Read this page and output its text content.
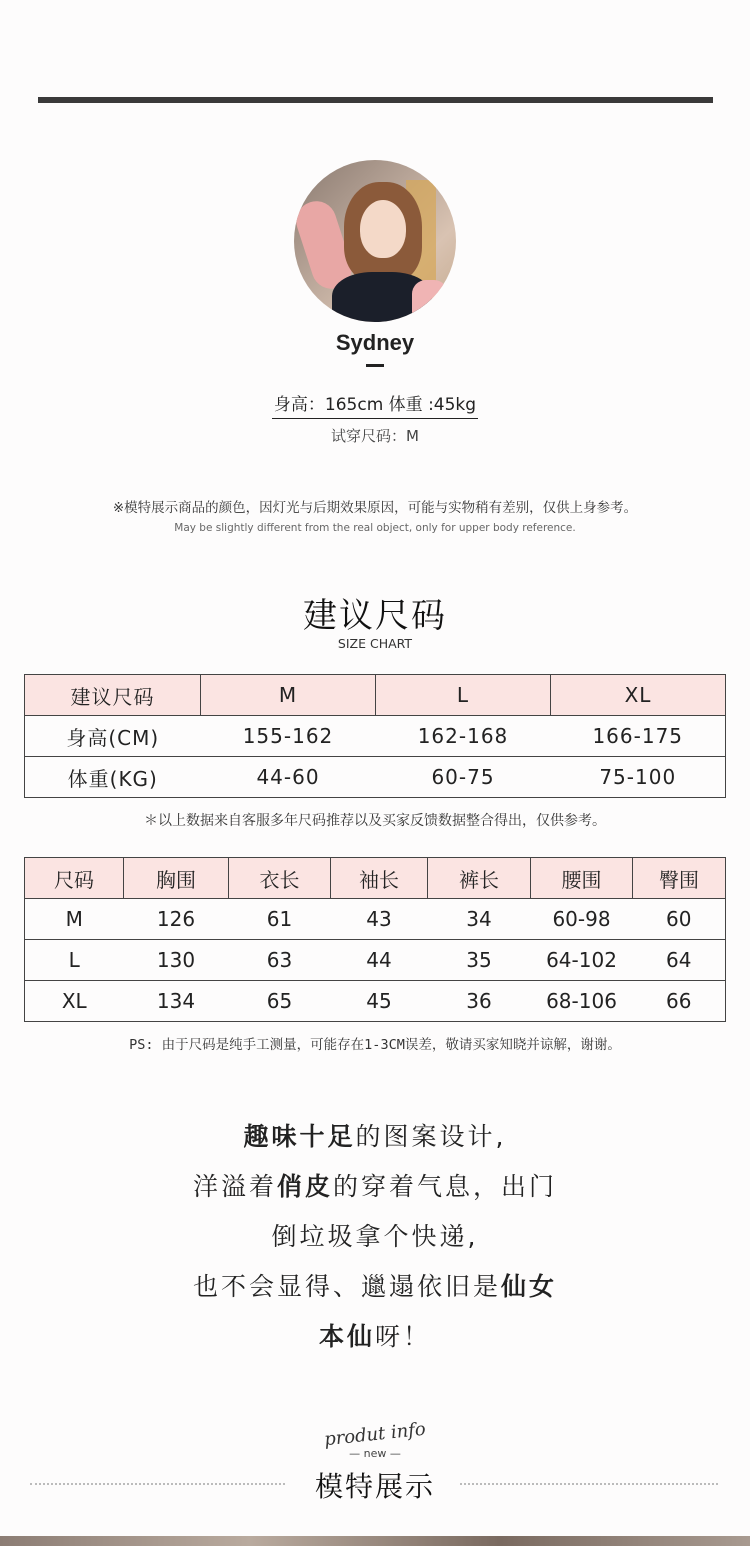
Sydney
身高：165cm 体重 :45kg
试穿尺码：M
※模特展示商品的颜色，因灯光与后期效果原因，可能与实物稍有差别，仅供上身参考。
May be slightly different from the real object, only for upper body reference.
建议尺码
SIZE CHART
建议尺码	M	L	XL
身高(CM)	155-162	162-168	166-175
体重(KG)	44-60	60-75	75-100
＊以上数据来自客服多年尺码推荐以及买家反馈数据整合得出，仅供参考。
尺码	胸围	衣长	袖长	裤长	腰围	臀围
M	126	61	43	34	60-98	60
L	130	63	44	35	64-102	64
XL	134	65	45	36	68-106	66
PS: 由于尺码是纯手工测量，可能存在1-3CM误差，敬请买家知晓并谅解，谢谢。
趣味十足的图案设计,
洋溢着俏皮的穿着气息，出门
倒垃圾拿个快递,
也不会显得、邋遢依旧是仙女
本仙呀！
produt info
— new —
模特展示
